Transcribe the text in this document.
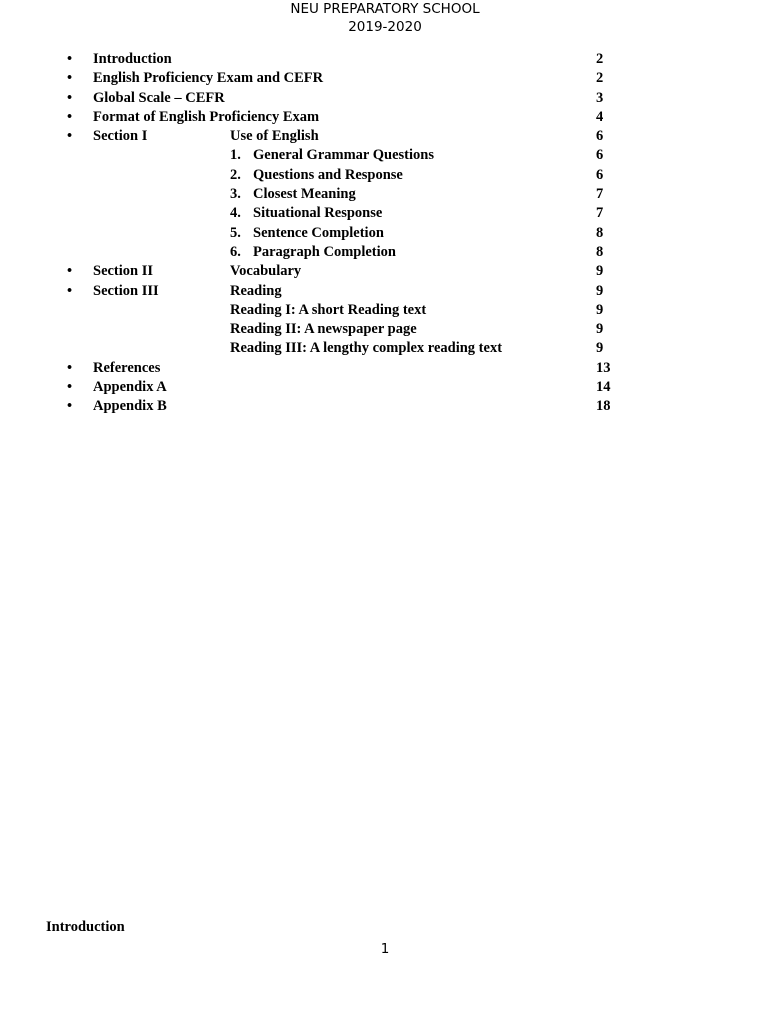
NEU PREPARATORY SCHOOL
2019-2020
• Introduction	2
• English Proficiency Exam and CEFR	2
• Global Scale – CEFR	3
• Format of English Proficiency Exam	4
• Section I	Use of English	6
1. General Grammar Questions	6
2. Questions and Response	6
3. Closest Meaning	7
4. Situational Response	7
5. Sentence Completion	8
6. Paragraph Completion	8
• Section II	Vocabulary	9
• Section III	Reading	9
Reading I: A short Reading text	9
Reading II: A newspaper page	9
Reading III: A lengthy complex reading text	9
• References	13
• Appendix A	14
• Appendix B	18
Introduction
1
